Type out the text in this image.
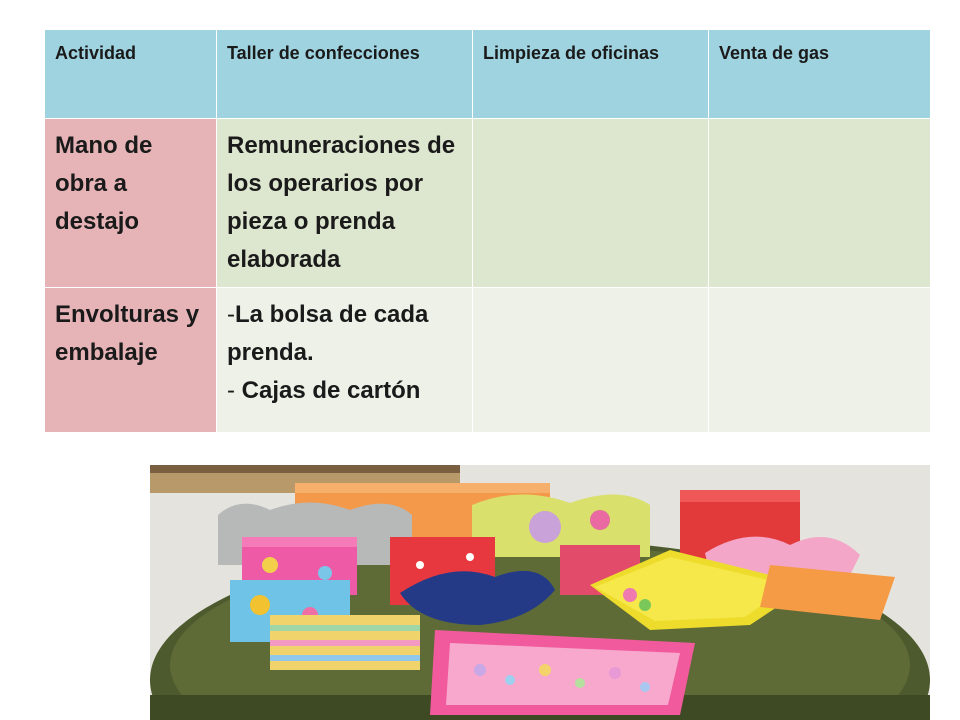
Actividad	Taller de confecciones	Limpieza de oficinas	Venta de gas
Mano de obra a destajo	Remuneraciones de los operarios por pieza o prenda elaborada		
Envolturas y embalaje	-La bolsa de cada prenda.
- Cajas de cartón		
